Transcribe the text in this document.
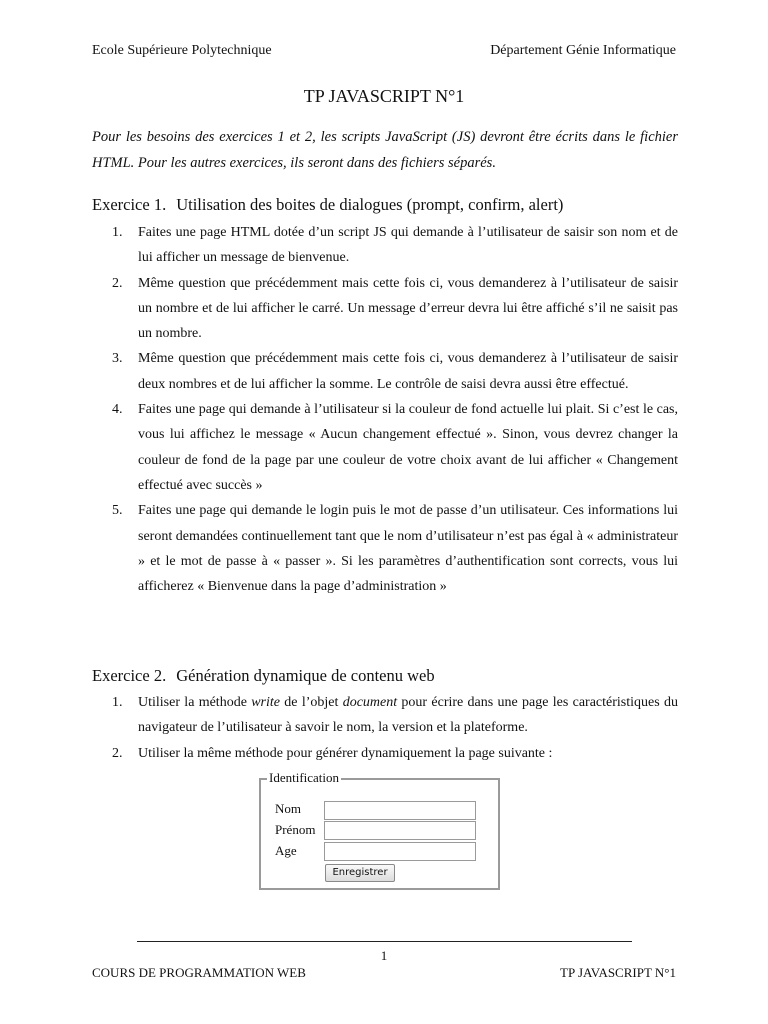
Ecole Supérieure Polytechnique	Département Génie Informatique
TP JAVASCRIPT N°1

Pour les besoins des exercices 1 et 2, les scripts JavaScript (JS) devront être écrits dans le fichier HTML. Pour les autres exercices, ils seront dans des fichiers séparés.

Exercice 1. Utilisation des boites de dialogues (prompt, confirm, alert)
1. Faites une page HTML dotée d’un script JS qui demande à l’utilisateur de saisir son nom et de lui afficher un message de bienvenue.
2. Même question que précédemment mais cette fois ci, vous demanderez à l’utilisateur de saisir un nombre et de lui afficher le carré. Un message d’erreur devra lui être affiché s’il ne saisit pas un nombre.
3. Même question que précédemment mais cette fois ci, vous demanderez à l’utilisateur de saisir deux nombres et de lui afficher la somme. Le contrôle de saisi devra aussi être effectué.
4. Faites une page qui demande à l’utilisateur si la couleur de fond actuelle lui plait. Si c’est le cas, vous lui affichez le message « Aucun changement effectué ». Sinon, vous devrez changer la couleur de fond de la page par une couleur de votre choix avant de lui afficher « Changement effectué avec succès »
5. Faites une page qui demande le login puis le mot de passe d’un utilisateur. Ces informations lui seront demandées continuellement tant que le nom d’utilisateur n’est pas égal à « administrateur » et le mot de passe à « passer ». Si les paramètres d’authentification sont corrects, vous lui afficherez « Bienvenue dans la page d’administration »
Exercice 2. Génération dynamique de contenu web
1. Utiliser la méthode write de l’objet document pour écrire dans une page les caractéristiques du navigateur de l’utilisateur à savoir le nom, la version et la plateforme.
2. Utiliser la même méthode pour générer dynamiquement la page suivante :
Identification
Nom
Prénom
Age
Enregistrer
1
COURS DE PROGRAMMATION WEB	TP JAVASCRIPT N°1
